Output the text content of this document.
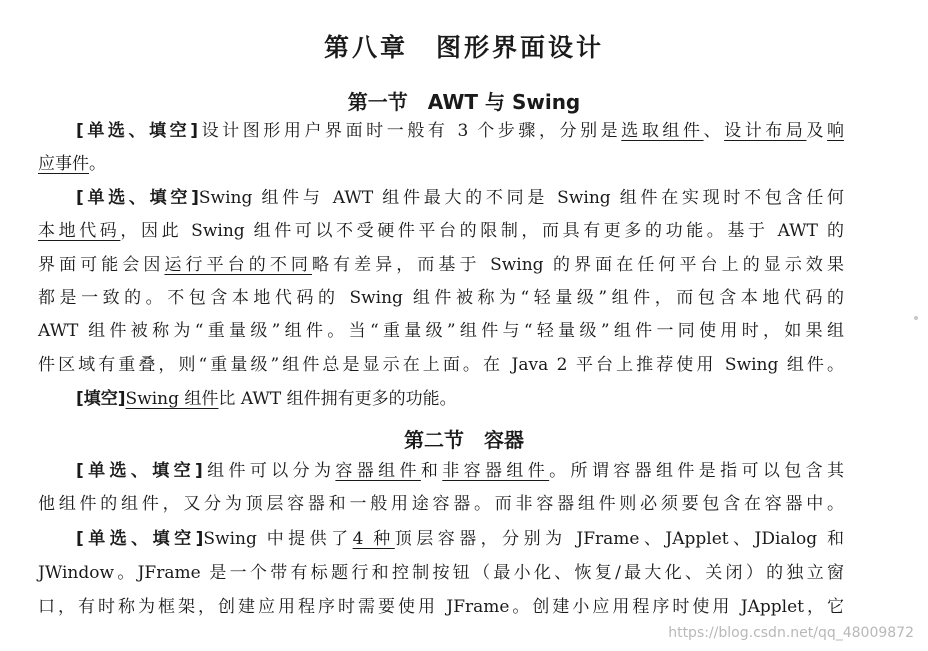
第八章　图形界面设计
第一节　AWT 与 Swing
[单选、填空]设计图形用户界面时一般有 3 个步骤，分别是选取组件、设计布局及响
应事件。
[单选、填空]Swing 组件与 AWT 组件最大的不同是 Swing 组件在实现时不包含任何
本地代码，因此 Swing 组件可以不受硬件平台的限制，而具有更多的功能。基于 AWT 的
界面可能会因运行平台的不同略有差异，而基于 Swing 的界面在任何平台上的显示效果
都是一致的。不包含本地代码的 Swing 组件被称为“轻量级”组件，而包含本地代码的
AWT 组件被称为“重量级”组件。当“重量级”组件与“轻量级”组件一同使用时，如果组
件区域有重叠，则“重量级”组件总是显示在上面。在 Java 2 平台上推荐使用 Swing 组件。
[填空]Swing 组件比 AWT 组件拥有更多的功能。
第二节　容器
[单选、填空]组件可以分为容器组件和非容器组件。所谓容器组件是指可以包含其
他组件的组件，又分为顶层容器和一般用途容器。而非容器组件则必须要包含在容器中。
[单选、填空]Swing 中提供了4 种顶层容器，分别为 JFrame、JApplet、JDialog 和
JWindow。JFrame 是一个带有标题行和控制按钮（最小化、恢复/最大化、关闭）的独立窗
口，有时称为框架，创建应用程序时需要使用 JFrame。创建小应用程序时使用 JApplet，它
https://blog.csdn.net/qq_48009872
